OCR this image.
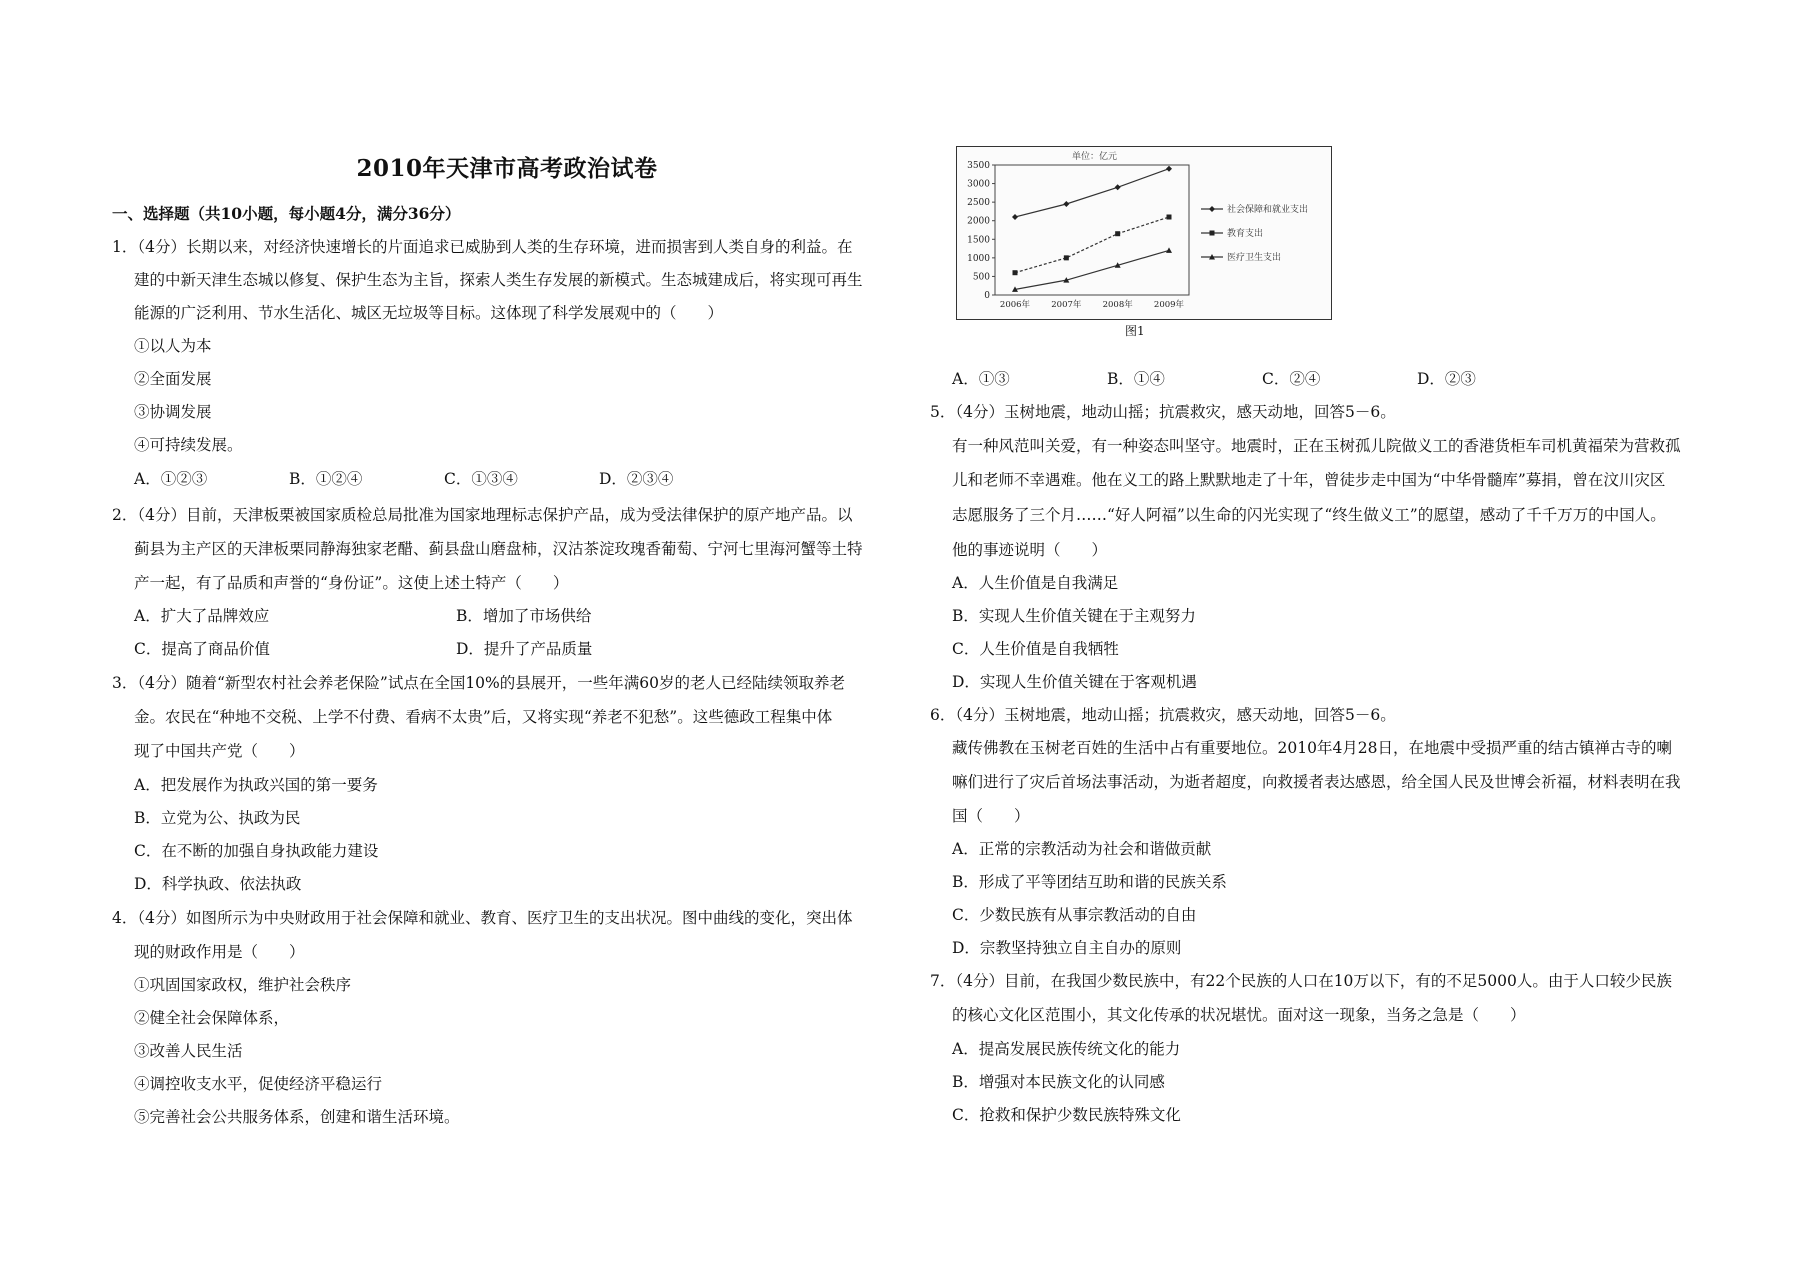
2010年天津市高考政治试卷
一、选择题（共10小题，每小题4分，满分36分）
1．（4分）长期以来，对经济快速增长的片面追求已威胁到人类的生存环境，进而损害到人类自身的利益。在
建的中新天津生态城以修复、保护生态为主旨，探索人类生存发展的新模式。生态城建成后，将实现可再生
能源的广泛利用、节水生活化、城区无垃圾等目标。这体现了科学发展观中的（　　）
①以人为本
②全面发展
③协调发展
④可持续发展。
A．①②③	B．①②④	C．①③④	D．②③④
2．（4分）目前，天津板栗被国家质检总局批准为国家地理标志保护产品，成为受法律保护的原产地产品。以
蓟县为主产区的天津板栗同静海独家老醋、蓟县盘山磨盘柿，汉沽茶淀玫瑰香葡萄、宁河七里海河蟹等土特
产一起，有了品质和声誉的“身份证”。这使上述土特产（　　）
A．扩大了品牌效应	B．增加了市场供给
C．提高了商品价值	D．提升了产品质量
3．（4分）随着“新型农村社会养老保险”试点在全国10%的县展开，一些年满60岁的老人已经陆续领取养老
金。农民在“种地不交税、上学不付费、看病不太贵”后，又将实现“养老不犯愁”。这些德政工程集中体
现了中国共产党（　　）
A．把发展作为执政兴国的第一要务
B．立党为公、执政为民
C．在不断的加强自身执政能力建设
D．科学执政、依法执政
4．（4分）如图所示为中央财政用于社会保障和就业、教育、医疗卫生的支出状况。图中曲线的变化，突出体
现的财政作用是（　　）
①巩固国家政权，维护社会秩序
②健全社会保障体系，
③改善人民生活
④调控收支水平，促使经济平稳运行
⑤完善社会公共服务体系，创建和谐生活环境。
单位：亿元
0
500
1000
1500
2000
2500
3000
3500
2006年 2007年 2008年 2009年
社会保障和就业支出
教育支出
医疗卫生支出
图1
A．①③	B．①④	C．②④	D．②③
5．（4分）玉树地震，地动山摇；抗震救灾，感天动地，回答5－6。
有一种风范叫关爱，有一种姿态叫坚守。地震时，正在玉树孤儿院做义工的香港货柜车司机黄福荣为营救孤
儿和老师不幸遇难。他在义工的路上默默地走了十年，曾徒步走中国为“中华骨髓库”募捐，曾在汶川灾区
志愿服务了三个月……“好人阿福”以生命的闪光实现了“终生做义工”的愿望，感动了千千万万的中国人。
他的事迹说明（　　）
A．人生价值是自我满足
B．实现人生价值关键在于主观努力
C．人生价值是自我牺牲
D．实现人生价值关键在于客观机遇
6．（4分）玉树地震，地动山摇；抗震救灾，感天动地，回答5－6。
藏传佛教在玉树老百姓的生活中占有重要地位。2010年4月28日，在地震中受损严重的结古镇禅古寺的喇
嘛们进行了灾后首场法事活动，为逝者超度，向救援者表达感恩，给全国人民及世博会祈福，材料表明在我
国（　　）
A．正常的宗教活动为社会和谐做贡献
B．形成了平等团结互助和谐的民族关系
C．少数民族有从事宗教活动的自由
D．宗教坚持独立自主自办的原则
7．（4分）目前，在我国少数民族中，有22个民族的人口在10万以下，有的不足5000人。由于人口较少民族
的核心文化区范围小，其文化传承的状况堪忧。面对这一现象，当务之急是（　　）
A．提高发展民族传统文化的能力
B．增强对本民族文化的认同感
C．抢救和保护少数民族特殊文化
